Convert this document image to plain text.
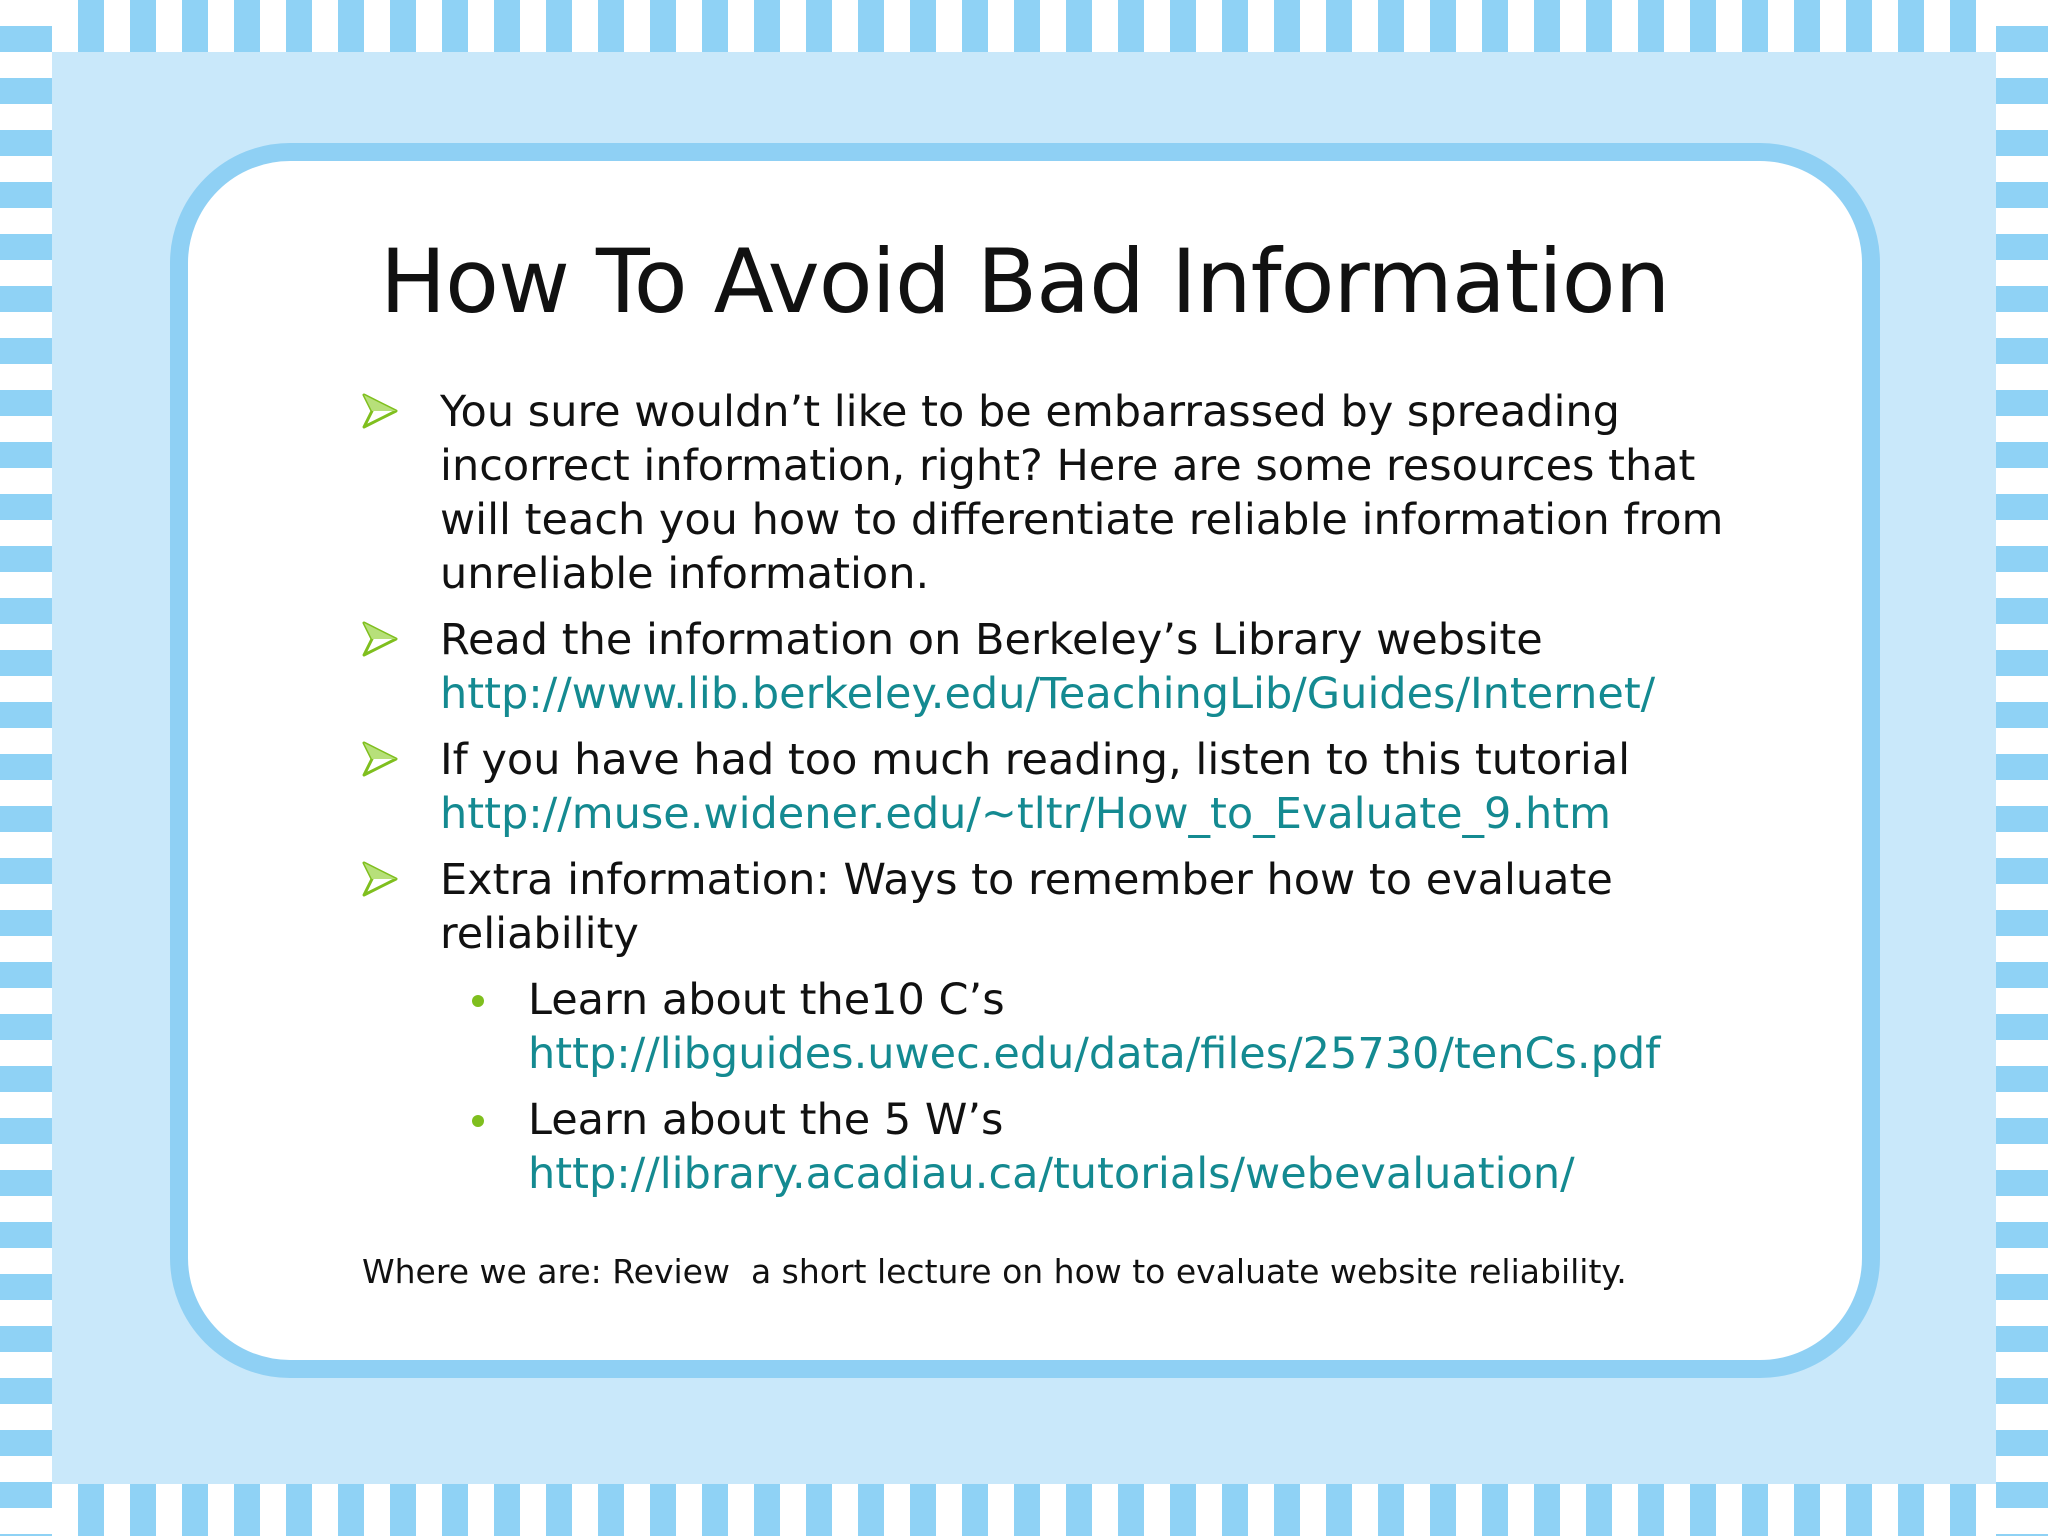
How To Avoid Bad Information
You sure wouldn’t like to be embarrassed by spreading incorrect information, right? Here are some resources that will teach you how to differentiate reliable information from unreliable information.
Read the information on Berkeley’s Library website
http://www.lib.berkeley.edu/TeachingLib/Guides/Internet/
If you have had too much reading, listen to this tutorial
http://muse.widener.edu/~tltr/How_to_Evaluate_9.htm
Extra information: Ways to remember how to evaluate reliability
Learn about the10 C’s
http://libguides.uwec.edu/data/files/25730/tenCs.pdf
Learn about the 5 W’s
http://library.acadiau.ca/tutorials/webevaluation/
Where we are: Review  a short lecture on how to evaluate website reliability.
